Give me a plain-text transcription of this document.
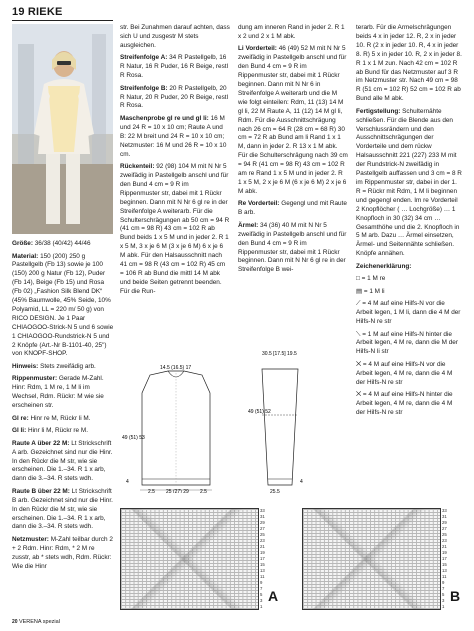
19 RIEKE

Größe: 36/38 (40/42) 44/46

Material: 150 (200) 250 g Pastellgelb (Fb 13) sowie je 100 (150) 200 g Natur (Fb 12), Puder (Fb 14), Beige (Fb 15) und Rosa (Fb 02) „Fashion Silk Blend DK“ (45% Baumwolle, 45% Seide, 10% Polyamid, LL = 220 m/ 50 g) von RICO DESIGN. Je 1 Paar CHIAOGOO-Strick-N 5 und 6 sowie 1 CHIAOGOO-Rundstrick-N 5 und 2 Knöpfe (Art.-Nr B-1101-40, 25") von KNOPF-SHOP.

Hinweis: Stets zweifädig arb.

Rippenmuster: Gerade M-Zahl. Hinr: Rdm, 1 M re, 1 M li im Wechsel, Rdm. Rückr: M wie sie erscheinen str.

Gl re: Hinr re M, Rückr li M.

Gl li: Hinr li M, Rückr re M.

Raute A über 22 M: Lt Strickschrift A arb. Gezeichnet sind nur die Hinr. In den Rückr die M str, wie sie erscheinen. Die 1.–34. R 1 x arb, dann die 3.–34. R stets wdh.

Raute B über 22 M: Lt Strickschrift B arb. Gezeichnet sind nur die Hinr. In den Rückr die M str, wie sie erscheinen. Die 1.–34. R 1 x arb, dann die 3.–34. R stets wdh.

Netzmuster: M-Zahl teilbar durch 2 + 2 Rdm. Hinr: Rdm, * 2 M re zusstr, ab * stets wdh, Rdm. Rückr: Wie die Hinr

str. Bei Zunahmen darauf achten, dass sich U und zusgestr M stets ausgleichen.

Streifenfolge A: 34 R Pastellgelb, 16 R Natur, 16 R Puder, 16 R Beige, restl R Rosa.

Streifenfolge B: 20 R Pastellgelb, 20 R Natur, 20 R Puder, 20 R Beige, restl R Rosa.

Maschenprobe gl re und gl li: 16 M und 24 R = 10 x 10 cm; Raute A und B: 22 M breit und 24 R = 10 x 10 cm; Netzmuster: 16 M und 26 R = 10 x 10 cm.

Rückenteil: 92 (98) 104 M mit N Nr 5 zweifädig in Pastellgelb anschl und für den Bund 4 cm = 9 R im Rippenmuster str, dabei mit 1 Rückr beginnen. Dann mit N Nr 6 gl re in der Streifenfolge A weiterarb. Für die Schulterschrägungen ab 50 cm = 94 R (41 cm = 98 R) 43 cm = 102 R ab Bund beids 1 x 5 M und in jeder 2. R 1 x 5 M, 3 x je 6 M (3 x je 6 M) 6 x je 6 M abk. Für den Halsausschnitt nach 41 cm = 98 R (43 cm = 102 R) 45 cm = 106 R ab Bund die mittl 14 M abk und beide Seiten getrennt beenden. Für die Run-

dung am inneren Rand in jeder 2. R 1 x 2 und 2 x 1 M abk.

Li Vorderteil: 46 (49) 52 M mit N Nr 5 zweifädig in Pastellgelb anschl und für den Bund 4 cm = 9 R im Rippenmuster str, dabei mit 1 Rückr beginnen. Dann mit N Nr 6 in Streifenfolge A weiterarb und die M wie folgt einteilen: Rdm, 11 (13) 14 M gl li, 22 M Raute A, 11 (12) 14 M gl li, Rdm. Für die Ausschnittschrägung nach 26 cm = 64 R (28 cm = 68 R) 30 cm = 72 R ab Bund am li Rand 1 x 1 M, dann in jeder 2. R 13 x 1 M abk. Für die Schulterschrägung nach 39 cm = 94 R (41 cm = 98 R) 43 cm = 102 R am re Rand 1 x 5 M und in jeder 2. R 1 x 5 M, 2 x je 6 M (6 x je 6 M) 2 x je 6 M abk.

Re Vorderteil: Gegengl und mit Raute B arb.

Ärmel: 34 (36) 40 M mit N Nr 5 zweifädig in Pastellgelb anschl und für den Bund 4 cm = 9 R im Rippenmuster str, dabei mit 1 Rückr beginnen. Dann mit N Nr 6 gl re in der Streifenfolge B wei-

terarb. Für die Armelschrägungen beids 4 x in jeder 12. R, 2 x in jeder 10. R (2 x in jeder 10. R, 4 x in jeder 8. R) 5 x in jeder 10. R, 2 x in jeder 8. R 1 x 1 M zun. Nach 42 cm = 102 R ab Bund für das Netzmuster auf 3 R im Netzmuster str. Nach 49 cm = 98 R (51 cm = 102 R) 52 cm = 102 R ab Bund alle M abk.

Fertigstellung: Schulternähte schließen. Für die Blende aus den Verschlussrändern und den Ausschnittschrägungen der Vorderteile und dem rückw Halsausschnitt 221 (227) 233 M mit der Rundstrick-N zweifädig in Pastellgelb auffassen und 3 cm = 8 R im Rippenmuster str, dabei in der 1. R = Rückr mit Rdm, 1 M li beginnen und gegengl enden. Im re Vorderteil 2 Knopflöcher ( … Lochgröße) … 1 Knopfloch in 30 (32) 34 cm … Gesamthöhe und die 2. Knopfloch in 5 M arb. Dazu … Ärmel einsetzen, Ärmel- und Seitennähte schließen. Knöpfe annähen.

Zeichenerklärung:

□ = 1 M re

▤ = 1 M li

⟋ = 4 M auf eine Hilfs-N vor die Arbeit legen, 1 M li, dann die 4 M der Hilfs-N re str

⟍ = 1 M auf eine Hilfs-N hinter die Arbeit legen, 4 M re, dann die M der Hilfs-N li str

⨉ = 4 M auf eine Hilfs-N vor die Arbeit legen, 4 M re, dann die 4 M der Hilfs-N re str

⨉ = 4 M auf eine Hilfs-N hinter die Arbeit legen, 4 M re, dann die 4 M der Hilfs-N re str

2.5 25 (27) 29 2.5
14.5 (16.5) 17
49 (51) 53
4
30.5 [17.5] 19.5
49 (51) 52
25.5
4
33
31
29
27
25
23
21
19
17
15
13
11
9
7
5
3
1
A
33
31
29
27
25
23
21
19
17
15
13
11
9
7
5
3
1
B
20 VERENA spezial
